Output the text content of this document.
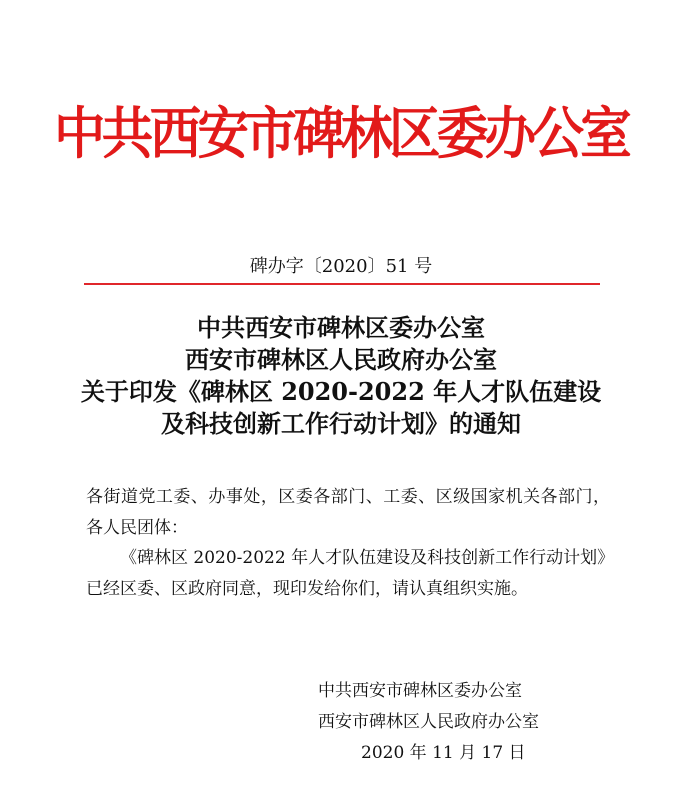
中共西安市碑林区委办公室
碑办字〔2020〕51 号
中共西安市碑林区委办公室
西安市碑林区人民政府办公室
关于印发《碑林区 2020-2022 年人才队伍建设
及科技创新工作行动计划》的通知

各街道党工委、办事处，区委各部门、工委、区级国家机关各部门，各人民团体：

《碑林区 2020-2022 年人才队伍建设及科技创新工作行动计划》已经区委、区政府同意，现印发给你们，请认真组织实施。

中共西安市碑林区委办公室
西安市碑林区人民政府办公室
2020 年 11 月 17 日
